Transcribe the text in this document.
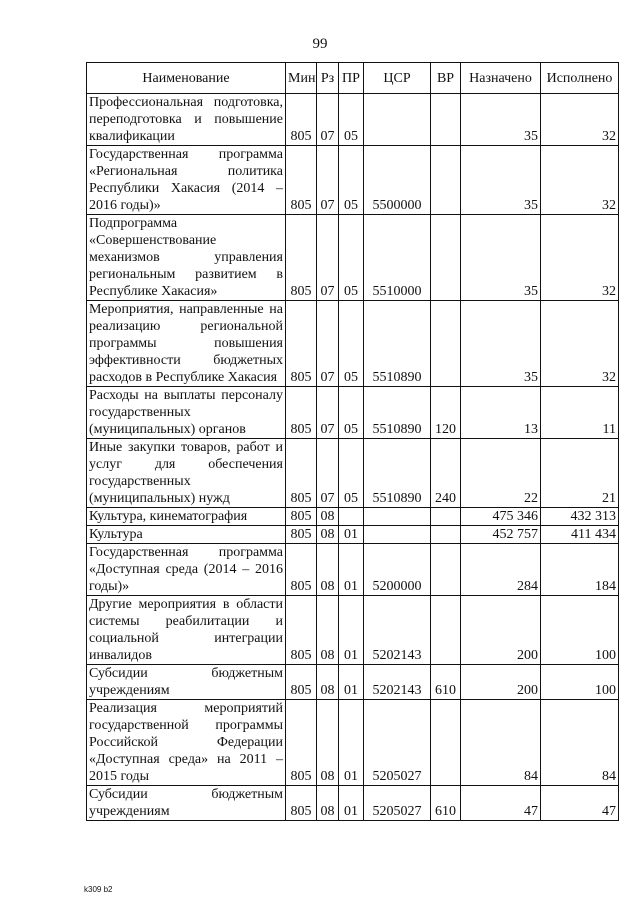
99
Наименование	Мин	Рз	ПР	ЦСР	ВР	Назначено	Исполнено
Профессиональная подготовка, переподготовка и повышение квалификации	805	07	05			35	32
Государственная программа «Региональная политика Республики Хакасия (2014 – 2016 годы)»	805	07	05	5500000		35	32
Подпрограмма «Совершенствование механизмов управления региональным развитием в Республике Хакасия»	805	07	05	5510000		35	32
Мероприятия, направленные на реализацию региональной программы повышения эффективности бюджетных расходов в Республике Хакасия	805	07	05	5510890		35	32
Расходы на выплаты персоналу государственных (муниципальных) органов	805	07	05	5510890	120	13	11
Иные закупки товаров, работ и услуг для обеспечения государственных (муниципальных) нужд	805	07	05	5510890	240	22	21
Культура, кинематография	805	08				475 346	432 313
Культура	805	08	01			452 757	411 434
Государственная программа «Доступная среда (2014 – 2016 годы)»	805	08	01	5200000		284	184
Другие мероприятия в области системы реабилитации и социальной интеграции инвалидов	805	08	01	5202143		200	100
Субсидии бюджетным учреждениям	805	08	01	5202143	610	200	100
Реализация мероприятий государственной программы Российской Федерации «Доступная среда» на 2011 – 2015 годы	805	08	01	5205027		84	84
Субсидии бюджетным учреждениям	805	08	01	5205027	610	47	47
k309 b2
